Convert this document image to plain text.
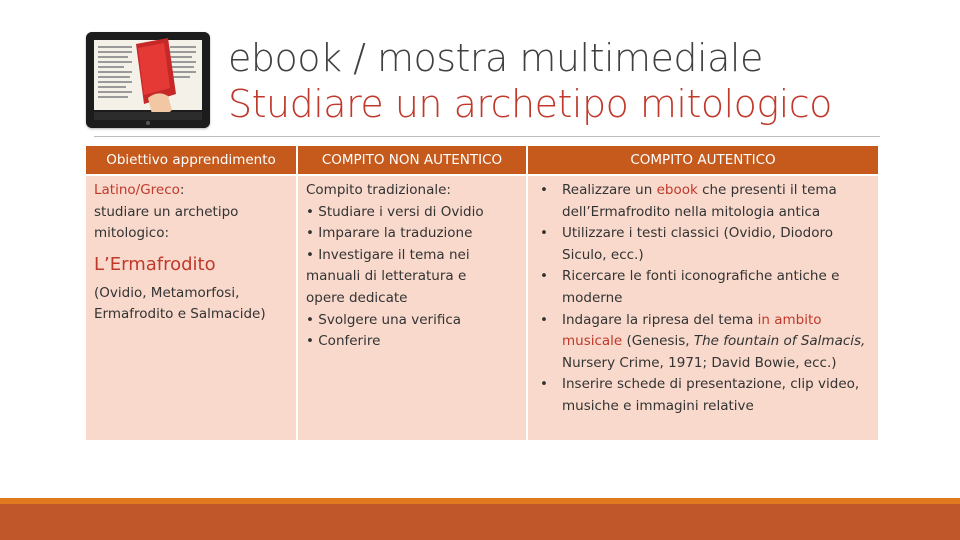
ebook / mostra multimediale
Studiare un archetipo mitologico
Obiettivo apprendimento	COMPITO NON AUTENTICO	COMPITO AUTENTICO
Latino/Greco:
studiare un archetipo
mitologico:
L’Ermafrodito
(Ovidio, Metamorfosi,
Ermafrodito e Salmacide)
Compito tradizionale:
• Studiare i versi di Ovidio
• Imparare la traduzione
• Investigare il tema nei
manuali di letteratura e
opere dedicate
• Svolgere una verifica
• Conferire
• Realizzare un ebook che presenti il tema dell’Ermafrodito nella mitologia antica
• Utilizzare i testi classici (Ovidio, Diodoro Siculo, ecc.)
• Ricercare le fonti iconografiche antiche e moderne
• Indagare la ripresa del tema in ambito musicale (Genesis, The fountain of Salmacis, Nursery Crime, 1971; David Bowie, ecc.)
• Inserire schede di presentazione, clip video, musiche e immagini relative
